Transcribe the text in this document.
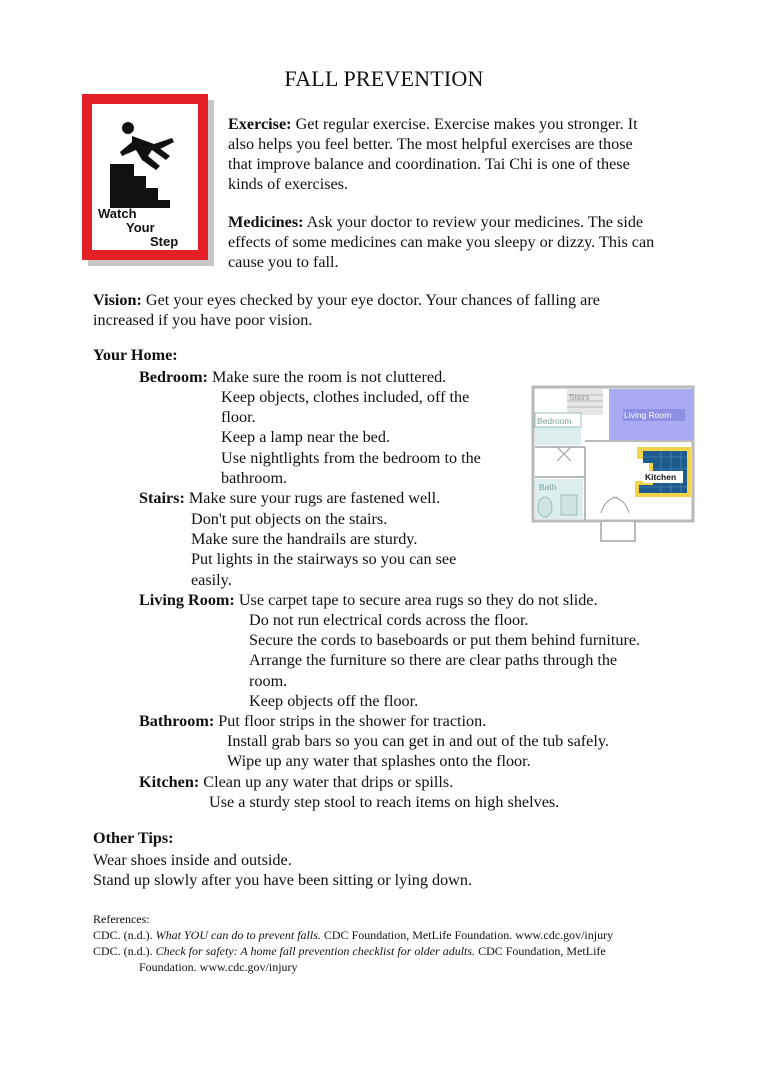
FALL PREVENTION
Watch
Your
Step
Exercise: Get regular exercise. Exercise makes you stronger. It
also helps you feel better. The most helpful exercises are those
that improve balance and coordination. Tai Chi is one of these
kinds of exercises.
Medicines: Ask your doctor to review your medicines. The side
effects of some medicines can make you sleepy or dizzy. This can
cause you to fall.
Vision: Get your eyes checked by your eye doctor. Your chances of falling are
increased if you have poor vision.
Your Home:
Bedroom: Make sure the room is not cluttered.
Keep objects, clothes included, off the
floor.
Keep a lamp near the bed.
Use nightlights from the bedroom to the
bathroom.
Stairs: Make sure your rugs are fastened well.
Don't put objects on the stairs.
Make sure the handrails are sturdy.
Put lights in the stairways so you can see
easily.
Living Room: Use carpet tape to secure area rugs so they do not slide.
Do not run electrical cords across the floor.
Secure the cords to baseboards or put them behind furniture.
Arrange the furniture so there are clear paths through the
room.
Keep objects off the floor.
Bathroom: Put floor strips in the shower for traction.
Install grab bars so you can get in and out of the tub safely.
Wipe up any water that splashes onto the floor.
Kitchen: Clean up any water that drips or spills.
Use a sturdy step stool to reach items on high shelves.
Stairs
Bedroom
Living Room
Bath
Kitchen
Other Tips:
Wear shoes inside and outside.
Stand up slowly after you have been sitting or lying down.
References:
CDC. (n.d.). What YOU can do to prevent falls. CDC Foundation, MetLife Foundation. www.cdc.gov/injury
CDC. (n.d.). Check for safety: A home fall prevention checklist for older adults. CDC Foundation, MetLife
Foundation. www.cdc.gov/injury
